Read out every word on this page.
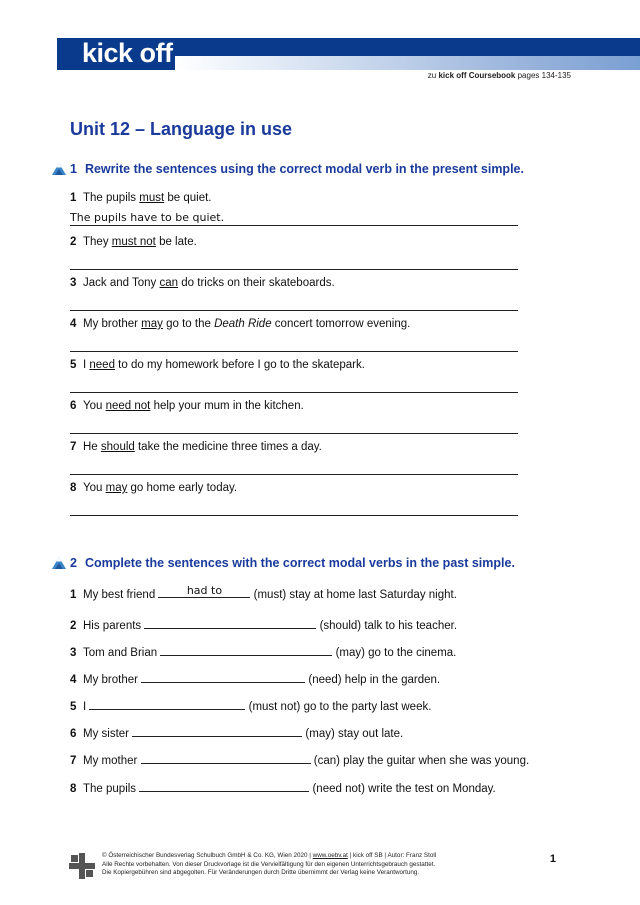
kick off
zu kick off Coursebook pages 134-135
Unit 12 – Language in use
1 Rewrite the sentences using the correct modal verb in the present simple.
1 The pupils must be quiet.
The pupils have to be quiet.
2 They must not be late.
3 Jack and Tony can do tricks on their skateboards.
4 My brother may go to the Death Ride concert tomorrow evening.
5 I need to do my homework before I go to the skatepark.
6 You need not help your mum in the kitchen.
7 He should take the medicine three times a day.
8 You may go home early today.
2 Complete the sentences with the correct modal verbs in the past simple.
1 My best friend	had to	(must) stay at home last Saturday night.
2 His parents	(should) talk to his teacher.
3 Tom and Brian	(may) go to the cinema.
4 My brother	(need) help in the garden.
5 I	(must not) go to the party last week.
6 My sister	(may) stay out late.
7 My mother	(can) play the guitar when she was young.
8 The pupils	(need not) write the test on Monday.
© Österreichischer Bundesverlag Schulbuch GmbH & Co. KG, Wien 2020 | www.oebv.at | kick off SB | Autor: Franz Stoll
Alle Rechte vorbehalten. Von dieser Druckvorlage ist die Vervielfältigung für den eigenen Unterrichtsgebrauch gestattet.
Die Kopiergebühren sind abgegolten. Für Veränderungen durch Dritte übernimmt der Verlag keine Verantwortung.
1
